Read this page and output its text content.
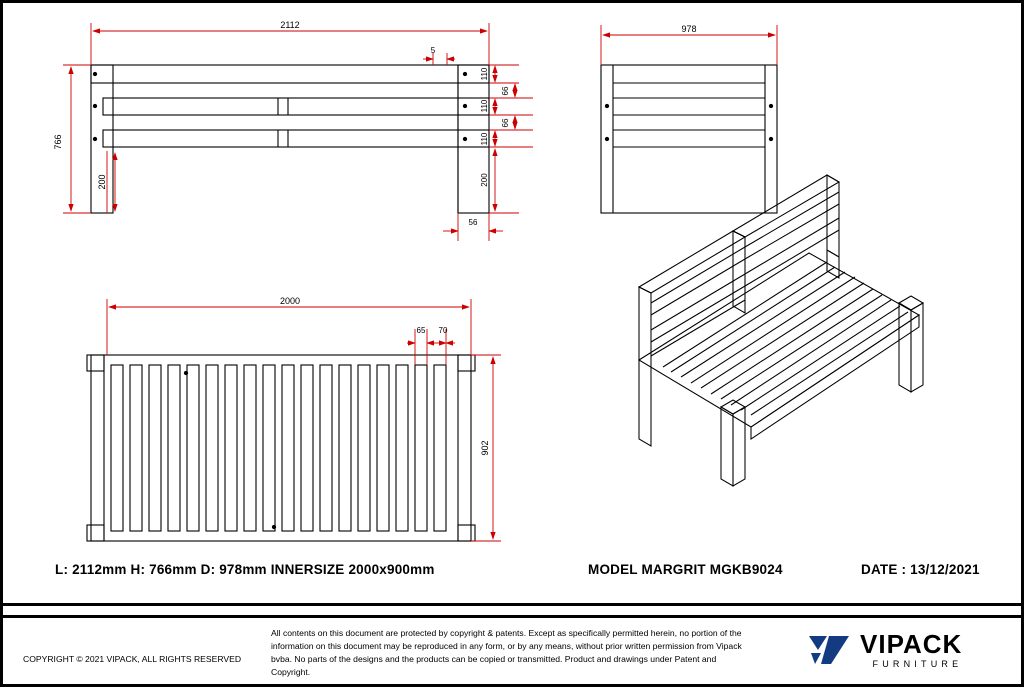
2112
766
200
5
110
110
110
66
66
200
56
978
2000
65 70
902
L: 2112mm H: 766mm D: 978mm INNERSIZE 2000x900mm	MODEL MARGRIT MGKB9024	DATE : 13/12/2021
COPYRIGHT © 2021 VIPACK, ALL RIGHTS RESERVED
All contents on this document are protected by copyright & patents. Except as specifically permitted herein, no portion of the information on this document may be reproduced in any form, or by any means, without prior written permission from Vipack bvba. No parts of the designs and the products can be copied or transmitted. Product and drawings under Patent and Copyright.
VIPACK
FURNITURE
